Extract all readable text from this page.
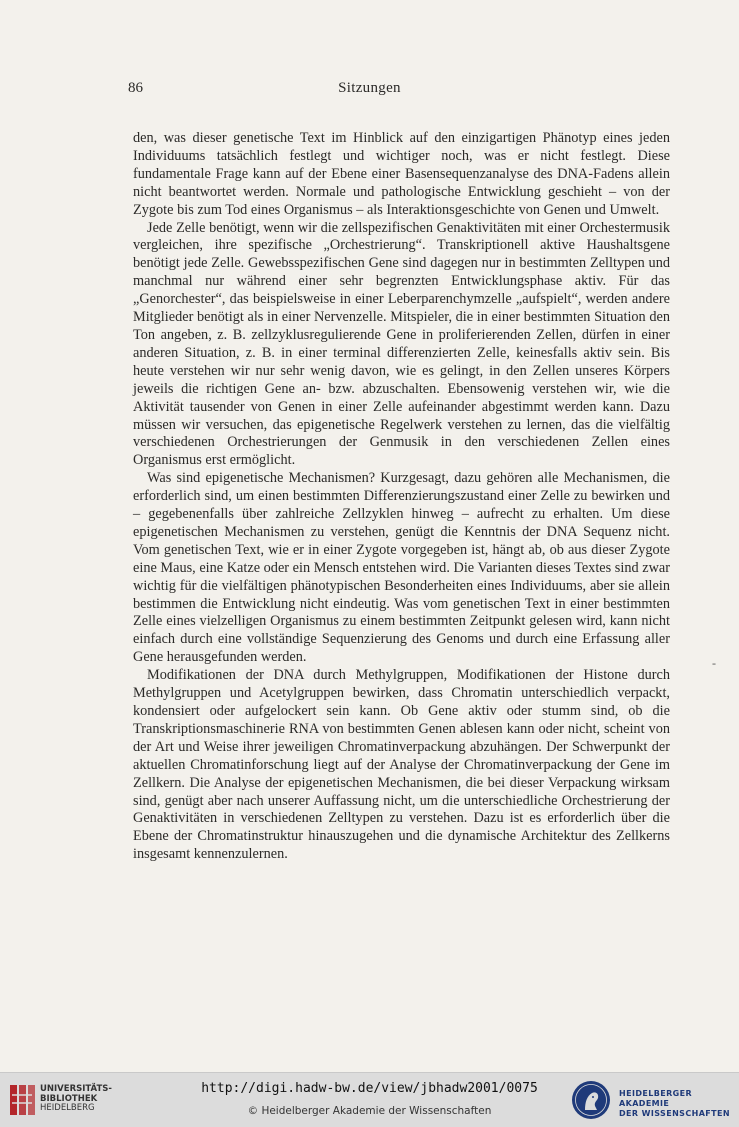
86	Sitzungen

den, was dieser genetische Text im Hinblick auf den einzigartigen Phänotyp eines jeden Individuums tatsächlich festlegt und wichtiger noch, was er nicht festlegt. Diese fundamentale Frage kann auf der Ebene einer Basensequenzanalyse des DNA-Fadens allein nicht beantwortet werden. Normale und pathologische Entwicklung geschieht – von der Zygote bis zum Tod eines Organismus – als Interaktionsgeschichte von Genen und Umwelt.

Jede Zelle benötigt, wenn wir die zellspezifischen Genaktivitäten mit einer Orchestermusik vergleichen, ihre spezifische „Orchestrierung“. Transkriptionell aktive Haushaltsgene benötigt jede Zelle. Gewebsspezifischen Gene sind dagegen nur in bestimmten Zelltypen und manchmal nur während einer sehr begrenzten Entwicklungsphase aktiv. Für das „Genorchester“, das beispielsweise in einer Leberparenchymzelle „aufspielt“, werden andere Mitglieder benötigt als in einer Nervenzelle. Mitspieler, die in einer bestimmten Situation den Ton angeben, z. B. zellzyklusregulierende Gene in proliferierenden Zellen, dürfen in einer anderen Situation, z. B. in einer terminal differenzierten Zelle, keinesfalls aktiv sein. Bis heute verstehen wir nur sehr wenig davon, wie es gelingt, in den Zellen unseres Körpers jeweils die richtigen Gene an- bzw. abzuschalten. Ebensowenig verstehen wir, wie die Aktivität tausender von Genen in einer Zelle aufeinander abgestimmt werden kann. Dazu müssen wir versuchen, das epigenetische Regelwerk verstehen zu lernen, das die vielfältig verschiedenen Orchestrierungen der Genmusik in den verschiedenen Zellen eines Organismus erst ermöglicht.

Was sind epigenetische Mechanismen? Kurzgesagt, dazu gehören alle Mechanismen, die erforderlich sind, um einen bestimmten Differenzierungszustand einer Zelle zu bewirken und – gegebenenfalls über zahlreiche Zellzyklen hinweg – aufrecht zu erhalten. Um diese epigenetischen Mechanismen zu verstehen, genügt die Kenntnis der DNA Sequenz nicht. Vom genetischen Text, wie er in einer Zygote vorgegeben ist, hängt ab, ob aus dieser Zygote eine Maus, eine Katze oder ein Mensch entstehen wird. Die Varianten dieses Textes sind zwar wichtig für die vielfältigen phänotypischen Besonderheiten eines Individuums, aber sie allein bestimmen die Entwicklung nicht eindeutig. Was vom genetischen Text in einer bestimmten Zelle eines vielzelligen Organismus zu einem bestimmten Zeitpunkt gelesen wird, kann nicht einfach durch eine vollständige Sequenzierung des Genoms und durch eine Erfassung aller Gene herausgefunden werden.

Modifikationen der DNA durch Methylgruppen, Modifikationen der Histone durch Methylgruppen und Acetylgruppen bewirken, dass Chromatin unterschiedlich verpackt, kondensiert oder aufgelockert sein kann. Ob Gene aktiv oder stumm sind, ob die Transkriptionsmaschinerie RNA von bestimmten Genen ablesen kann oder nicht, scheint von der Art und Weise ihrer jeweiligen Chromatinverpackung abzuhängen. Der Schwerpunkt der aktuellen Chromatinforschung liegt auf der Analyse der Chromatinverpackung der Gene im Zellkern. Die Analyse der epigenetischen Mechanismen, die bei dieser Verpackung wirksam sind, genügt aber nach unserer Auffassung nicht, um die unterschiedliche Orchestrierung der Genaktivitäten in verschiedenen Zelltypen zu verstehen. Dazu ist es erforderlich über die Ebene der Chromatinstruktur hinauszugehen und die dynamische Architektur des Zellkerns insgesamt kennenzulernen.

-
UNIVERSITÄTS-
BIBLIOTHEK
HEIDELBERG
http://digi.hadw-bw.de/view/jbhadw2001/0075
© Heidelberger Akademie der Wissenschaften
HEIDELBERGER AKADEMIE
DER WISSENSCHAFTEN
